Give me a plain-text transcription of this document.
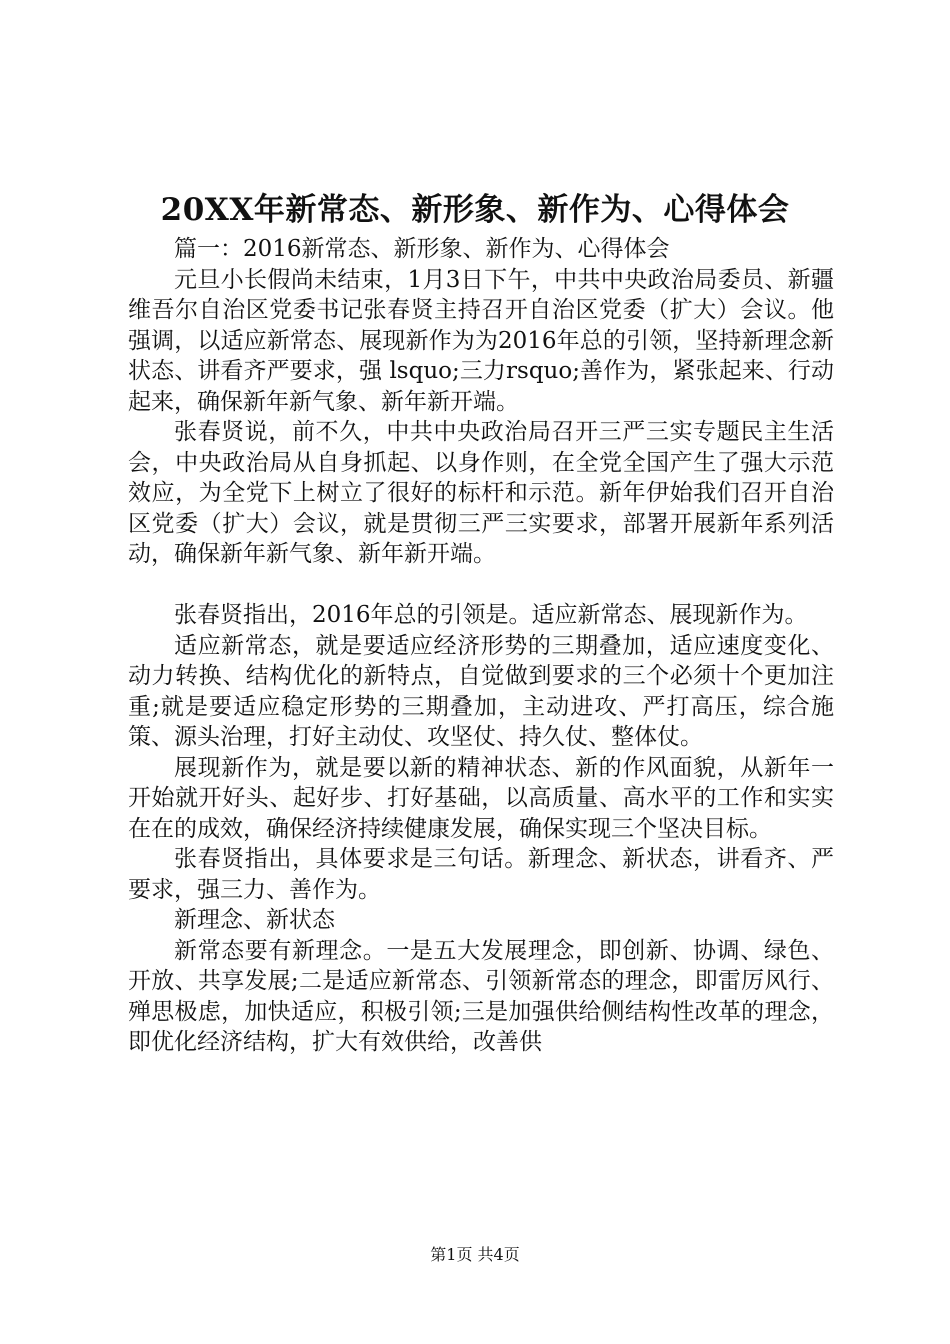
20XX年新常态、新形象、新作为、心得体会

篇一：2016新常态、新形象、新作为、心得体会

元旦小长假尚未结束，1月3日下午，中共中央政治局委员、新疆维吾尔自治区党委书记张春贤主持召开自治区党委（扩大）会议。他强调，以适应新常态、展现新作为为2016年总的引领，坚持新理念新状态、讲看齐严要求，强 lsquo;三力rsquo;善作为，紧张起来、行动起来，确保新年新气象、新年新开端。

张春贤说，前不久，中共中央政治局召开三严三实专题民主生活会，中央政治局从自身抓起、以身作则，在全党全国产生了强大示范效应，为全党下上树立了很好的标杆和示范。新年伊始我们召开自治区党委（扩大）会议，就是贯彻三严三实要求，部署开展新年系列活动，确保新年新气象、新年新开端。

张春贤指出，2016年总的引领是。适应新常态、展现新作为。

适应新常态，就是要适应经济形势的三期叠加，适应速度变化、动力转换、结构优化的新特点，自觉做到要求的三个必须十个更加注重;就是要适应稳定形势的三期叠加，主动进攻、严打高压，综合施策、源头治理，打好主动仗、攻坚仗、持久仗、整体仗。

展现新作为，就是要以新的精神状态、新的作风面貌，从新年一开始就开好头、起好步、打好基础，以高质量、高水平的工作和实实在在的成效，确保经济持续健康发展，确保实现三个坚决目标。

张春贤指出，具体要求是三句话。新理念、新状态，讲看齐、严要求，强三力、善作为。

新理念、新状态

新常态要有新理念。一是五大发展理念，即创新、协调、绿色、开放、共享发展;二是适应新常态、引领新常态的理念，即雷厉风行、殚思极虑，加快适应，积极引领;三是加强供给侧结构性改革的理念，即优化经济结构，扩大有效供给，改善供

第1页 共4页
